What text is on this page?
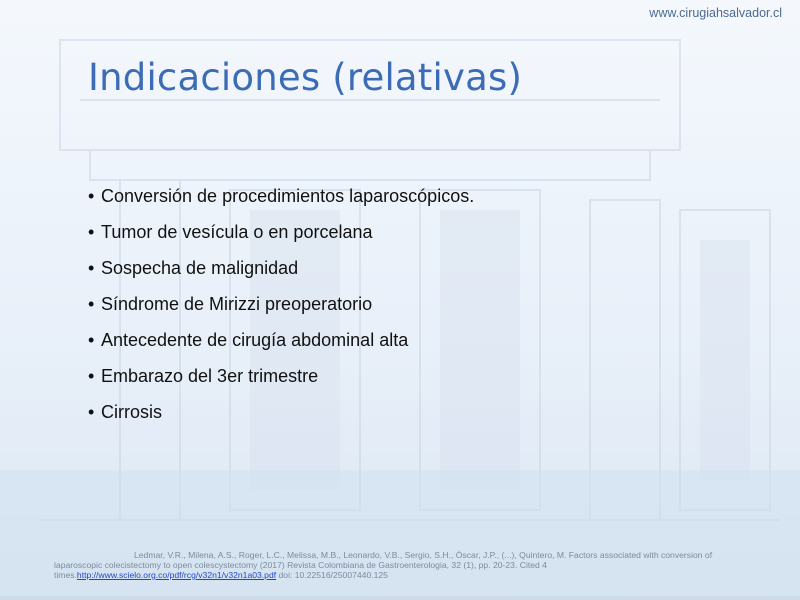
www.cirugiahsalvador.cl
Indicaciones (relativas)
• Conversión de procedimientos laparoscópicos.
• Tumor de vesícula o en porcelana
• Sospecha de malignidad
• Síndrome de Mirizzi preoperatorio
• Antecedente de cirugía abdominal alta
• Embarazo del 3er trimestre
• Cirrosis
Ledmar, V.R., Milena, A.S., Roger, L.C., Melissa, M.B., Leonardo, V.B., Sergio, S.H., Óscar, J.P., (...), Quintero, M. Factors associated with conversion of laparoscopic colecistectomy to open colescystectomy (2017) Revista Colombiana de Gastroenterologia, 32 (1), pp. 20-23. Cited 4 times.http://www.scielo.org.co/pdf/rcg/v32n1/v32n1a03.pdf doi: 10.22516/25007440.125
